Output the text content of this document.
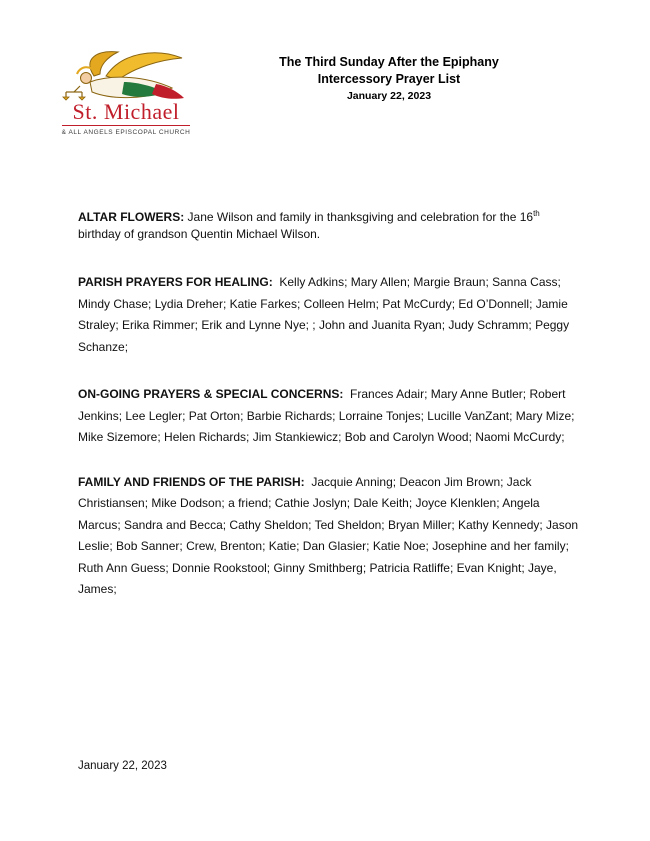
St. Michael
& ALL ANGELS EPISCOPAL CHURCH
The Third Sunday After the Epiphany
Intercessory Prayer List
January 22, 2023

ALTAR FLOWERS: Jane Wilson and family in thanksgiving and celebration for the 16th birthday of grandson Quentin Michael Wilson.

PARISH PRAYERS FOR HEALING:  Kelly Adkins; Mary Allen; Margie Braun; Sanna Cass; Mindy Chase; Lydia Dreher; Katie Farkes; Colleen Helm; Pat McCurdy; Ed O’Donnell; Jamie Straley; Erika Rimmer; Erik and Lynne Nye; ; John and Juanita Ryan; Judy Schramm; Peggy Schanze;

ON-GOING PRAYERS & SPECIAL CONCERNS:  Frances Adair; Mary Anne Butler; Robert Jenkins; Lee Legler; Pat Orton; Barbie Richards; Lorraine Tonjes; Lucille VanZant; Mary Mize; Mike Sizemore; Helen Richards; Jim Stankiewicz; Bob and Carolyn Wood; Naomi McCurdy;

FAMILY AND FRIENDS OF THE PARISH:  Jacquie Anning; Deacon Jim Brown; Jack Christiansen; Mike Dodson; a friend; Cathie Joslyn; Dale Keith; Joyce Klenklen; Angela Marcus; Sandra and Becca; Cathy Sheldon; Ted Sheldon; Bryan Miller; Kathy Kennedy; Jason Leslie; Bob Sanner; Crew, Brenton; Katie; Dan Glasier; Katie Noe; Josephine and her family; Ruth Ann Guess; Donnie Rookstool; Ginny Smithberg; Patricia Ratliffe; Evan Knight; Jaye, James;

January 22, 2023
